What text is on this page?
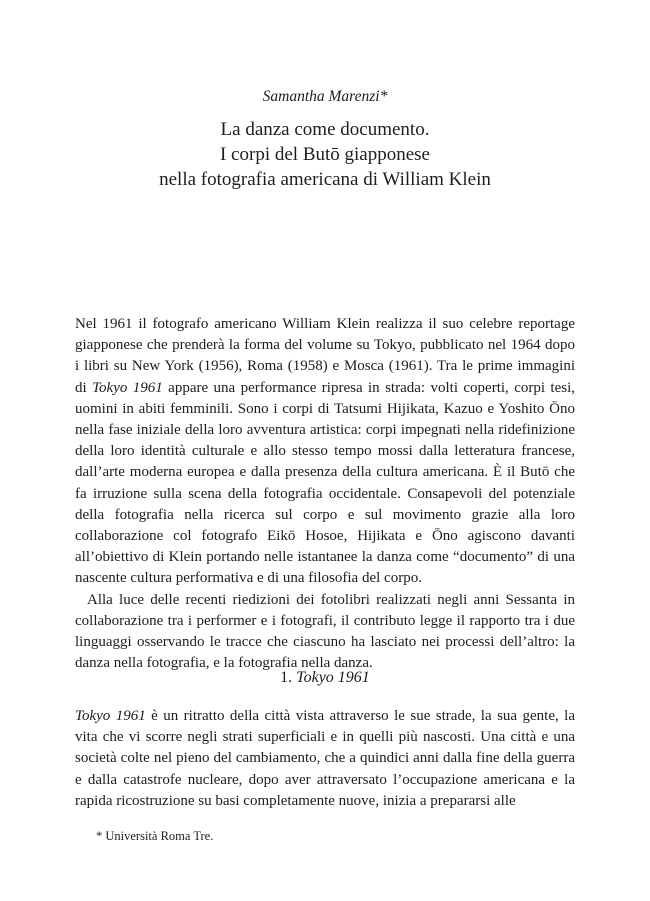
Samantha Marenzi*
La danza come documento.
I corpi del Butō giapponese
nella fotografia americana di William Klein

Nel 1961 il fotografo americano William Klein realizza il suo celebre reportage giapponese che prenderà la forma del volume su Tokyo, pubblicato nel 1964 dopo i libri su New York (1956), Roma (1958) e Mosca (1961). Tra le prime immagini di Tokyo 1961 appare una performance ripresa in strada: volti coperti, corpi tesi, uomini in abiti femminili. Sono i corpi di Tatsumi Hijikata, Kazuo e Yoshito Ōno nella fase iniziale della loro avventura artistica: corpi impegnati nella ridefinizione della loro identità culturale e allo stesso tempo mossi dalla letteratura francese, dall’arte moderna europea e dalla presenza della cultura americana. È il Butō che fa irruzione sulla scena della fotografia occidentale. Consapevoli del potenziale della fotografia nella ricerca sul corpo e sul movimento grazie alla loro collaborazione col fotografo Eikō Hosoe, Hijikata e Ōno agiscono davanti all’obiettivo di Klein portando nelle istantanee la danza come “documento” di una nascente cultura performativa e di una filosofia del corpo.

Alla luce delle recenti riedizioni dei fotolibri realizzati negli anni Sessanta in collaborazione tra i performer e i fotografi, il contributo legge il rapporto tra i due linguaggi osservando le tracce che ciascuno ha lasciato nei processi dell’altro: la danza nella fotografia, e la fotografia nella danza.

1. Tokyo 1961

Tokyo 1961 è un ritratto della città vista attraverso le sue strade, la sua gente, la vita che vi scorre negli strati superficiali e in quelli più nascosti. Una città e una società colte nel pieno del cambiamento, che a quindici anni dalla fine della guerra e dalla catastrofe nucleare, dopo aver attraversato l’occupazione americana e la rapida ricostruzione su basi completamente nuove, inizia a prepararsi alle

* Università Roma Tre.
